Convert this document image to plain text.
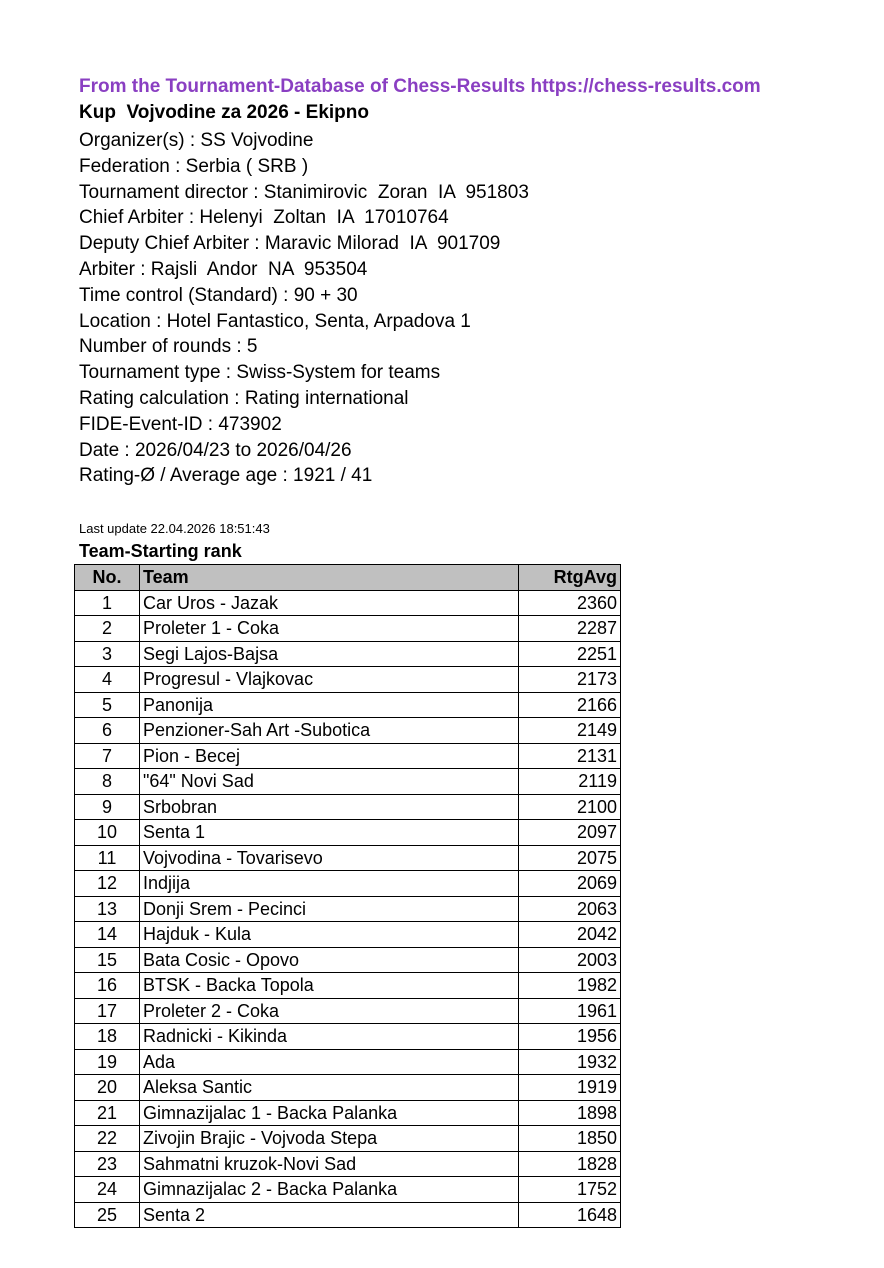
From the Tournament-Database of Chess-Results https://chess-results.com
Kup  Vojvodine za 2026 - Ekipno
Organizer(s) : SS Vojvodine
Federation : Serbia ( SRB )
Tournament director : Stanimirovic  Zoran  IA  951803
Chief Arbiter : Helenyi  Zoltan  IA  17010764
Deputy Chief Arbiter : Maravic Milorad  IA  901709
Arbiter : Rajsli  Andor  NA  953504
Time control (Standard) : 90 + 30
Location : Hotel Fantastico, Senta, Arpadova 1
Number of rounds : 5
Tournament type : Swiss-System for teams
Rating calculation : Rating international
FIDE-Event-ID : 473902
Date : 2026/04/23 to 2026/04/26
Rating-Ø / Average age : 1921 / 41
Last update 22.04.2026 18:51:43
Team-Starting rank
No.	Team	RtgAvg
1	Car Uros - Jazak	2360
2	Proleter 1 - Coka	2287
3	Segi Lajos-Bajsa	2251
4	Progresul - Vlajkovac	2173
5	Panonija	2166
6	Penzioner-Sah Art -Subotica	2149
7	Pion - Becej	2131
8	"64" Novi Sad	2119
9	Srbobran	2100
10	Senta 1	2097
11	Vojvodina - Tovarisevo	2075
12	Indjija	2069
13	Donji Srem - Pecinci	2063
14	Hajduk - Kula	2042
15	Bata Cosic - Opovo	2003
16	BTSK - Backa Topola	1982
17	Proleter 2 - Coka	1961
18	Radnicki - Kikinda	1956
19	Ada	1932
20	Aleksa Santic	1919
21	Gimnazijalac 1 - Backa Palanka	1898
22	Zivojin Brajic - Vojvoda Stepa	1850
23	Sahmatni kruzok-Novi Sad	1828
24	Gimnazijalac 2 - Backa Palanka	1752
25	Senta 2	1648
